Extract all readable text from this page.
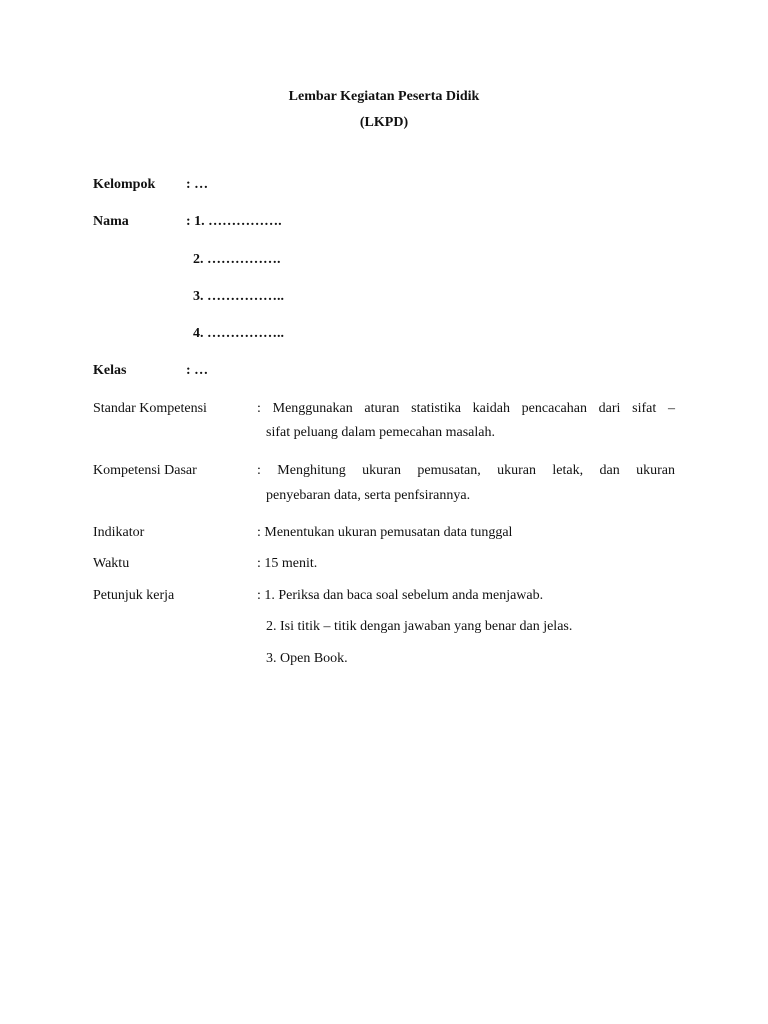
Lembar Kegiatan Peserta Didik
(LKPD)
Kelompok : …
Nama	: 1. …………….
2. …………….
3. ……………..
4. ……………..
Kelas	: …
Standar Kompetensi	: Menggunakan aturan statistika kaidah pencacahan dari sifat –
sifat peluang dalam pemecahan masalah.
Kompetensi Dasar	: Menghitung ukuran pemusatan, ukuran letak, dan ukuran
penyebaran data, serta penfsirannya.
Indikator	: Menentukan ukuran pemusatan data tunggal
Waktu	: 15 menit.
Petunjuk kerja	: 1. Periksa dan baca soal sebelum anda menjawab.
2. Isi titik – titik dengan jawaban yang benar dan jelas.
3. Open Book.
